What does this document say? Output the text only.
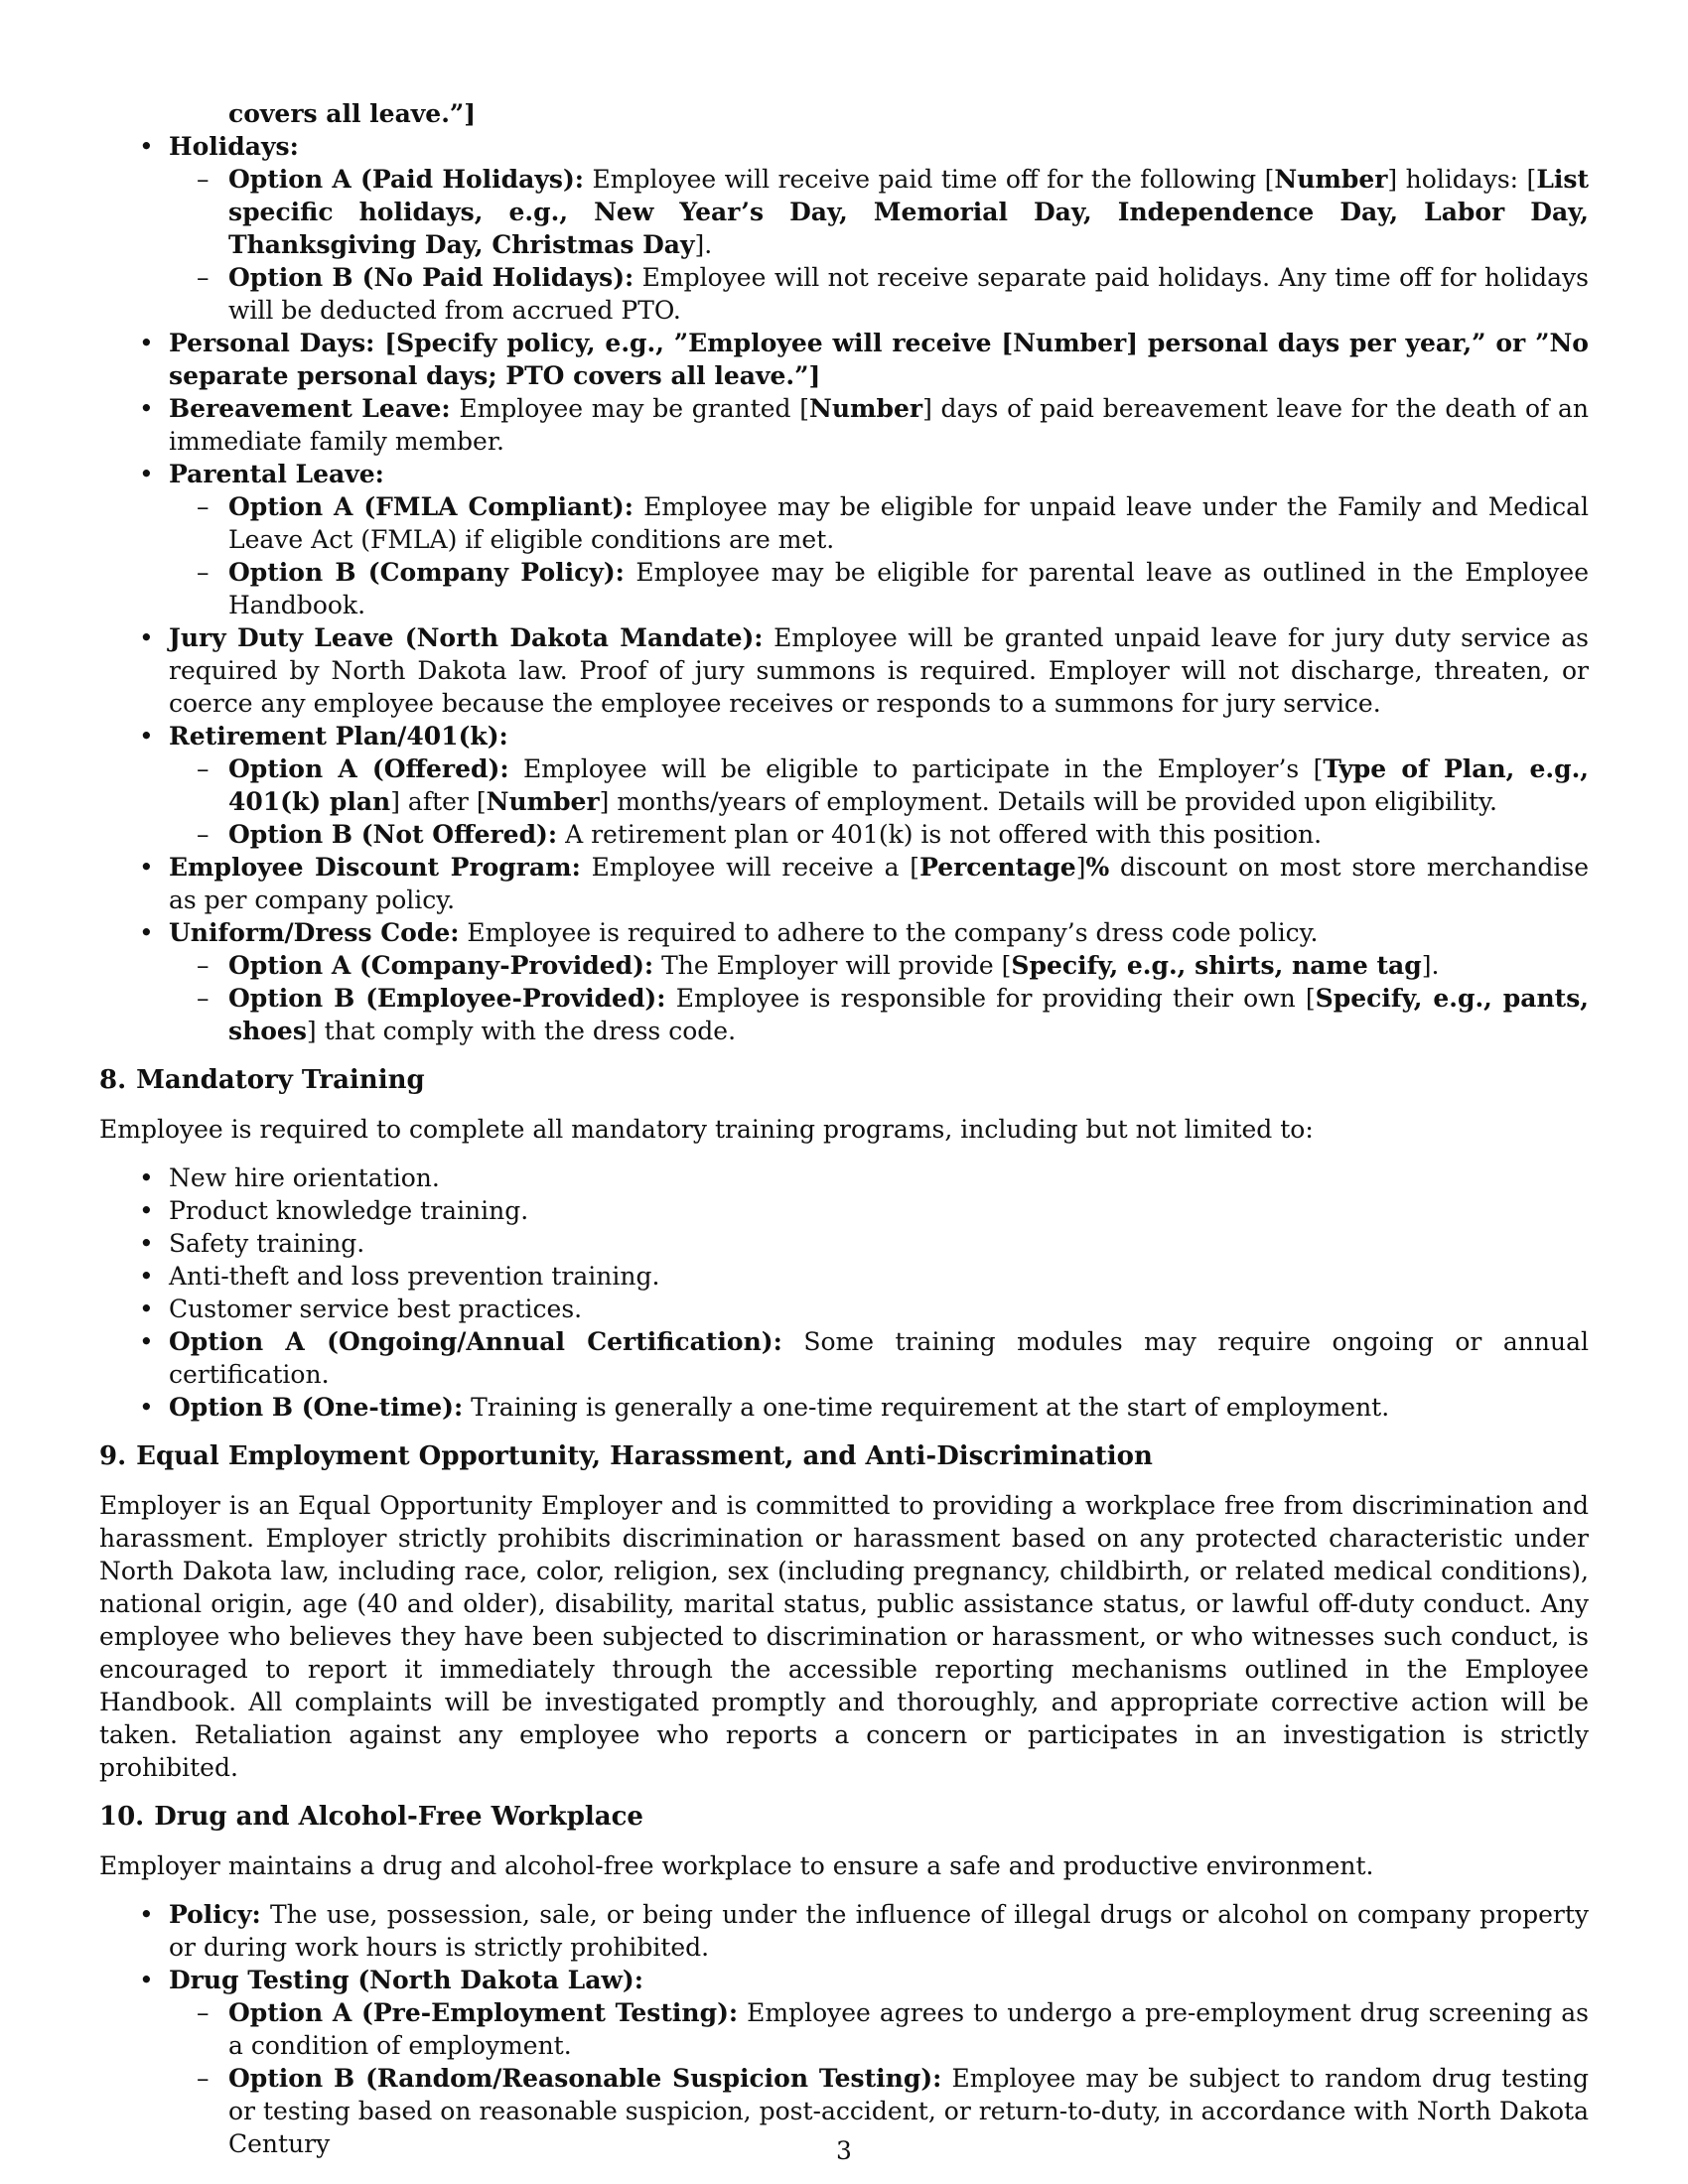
covers all leave.”]
• Holidays:
– Option A (Paid Holidays): Employee will receive paid time off for the following [Number] holidays: [List specific holidays, e.g., New Year’s Day, Memorial Day, Independence Day, Labor Day, Thanksgiving Day, Christmas Day].
– Option B (No Paid Holidays): Employee will not receive separate paid holidays. Any time off for holidays will be deducted from accrued PTO.
• Personal Days: [Specify policy, e.g., ”Employee will receive [Number] personal days per year,” or ”No separate personal days; PTO covers all leave.”]
• Bereavement Leave: Employee may be granted [Number] days of paid bereavement leave for the death of an immediate family member.
• Parental Leave:
– Option A (FMLA Compliant): Employee may be eligible for unpaid leave under the Family and Medical Leave Act (FMLA) if eligible conditions are met.
– Option B (Company Policy): Employee may be eligible for parental leave as outlined in the Employee Handbook.
• Jury Duty Leave (North Dakota Mandate): Employee will be granted unpaid leave for jury duty service as required by North Dakota law. Proof of jury summons is required. Employer will not discharge, threaten, or coerce any employee because the employee receives or responds to a summons for jury service.
• Retirement Plan/401(k):
– Option A (Offered): Employee will be eligible to participate in the Employer’s [Type of Plan, e.g., 401(k) plan] after [Number] months/years of employment. Details will be provided upon eligibility.
– Option B (Not Offered): A retirement plan or 401(k) is not offered with this position.
• Employee Discount Program: Employee will receive a [Percentage]% discount on most store merchandise as per company policy.
• Uniform/Dress Code: Employee is required to adhere to the company’s dress code policy.
– Option A (Company-Provided): The Employer will provide [Specify, e.g., shirts, name tag].
– Option B (Employee-Provided): Employee is responsible for providing their own [Specify, e.g., pants, shoes] that comply with the dress code.
8. Mandatory Training

Employee is required to complete all mandatory training programs, including but not limited to:

• New hire orientation.
• Product knowledge training.
• Safety training.
• Anti-theft and loss prevention training.
• Customer service best practices.
• Option A (Ongoing/Annual Certification): Some training modules may require ongoing or annual certification.
• Option B (One-time): Training is generally a one-time requirement at the start of employment.
9. Equal Employment Opportunity, Harassment, and Anti-Discrimination

Employer is an Equal Opportunity Employer and is committed to providing a workplace free from discrimination and harassment. Employer strictly prohibits discrimination or harassment based on any protected characteristic under North Dakota law, including race, color, religion, sex (including pregnancy, childbirth, or related medical conditions), national origin, age (40 and older), disability, marital status, public assistance status, or lawful off-duty conduct. Any employee who believes they have been subjected to discrimination or harassment, or who witnesses such conduct, is encouraged to report it immediately through the accessible reporting mechanisms outlined in the Employee Handbook. All complaints will be investigated promptly and thoroughly, and appropriate corrective action will be taken. Retaliation against any employee who reports a concern or participates in an investigation is strictly prohibited.

10. Drug and Alcohol-Free Workplace

Employer maintains a drug and alcohol-free workplace to ensure a safe and productive environment.

• Policy: The use, possession, sale, or being under the influence of illegal drugs or alcohol on company property or during work hours is strictly prohibited.
• Drug Testing (North Dakota Law):
– Option A (Pre-Employment Testing): Employee agrees to undergo a pre-employment drug screening as a condition of employment.
– Option B (Random/Reasonable Suspicion Testing): Employee may be subject to random drug testing or testing based on reasonable suspicion, post-accident, or return-to-duty, in accordance with North Dakota Century	3
